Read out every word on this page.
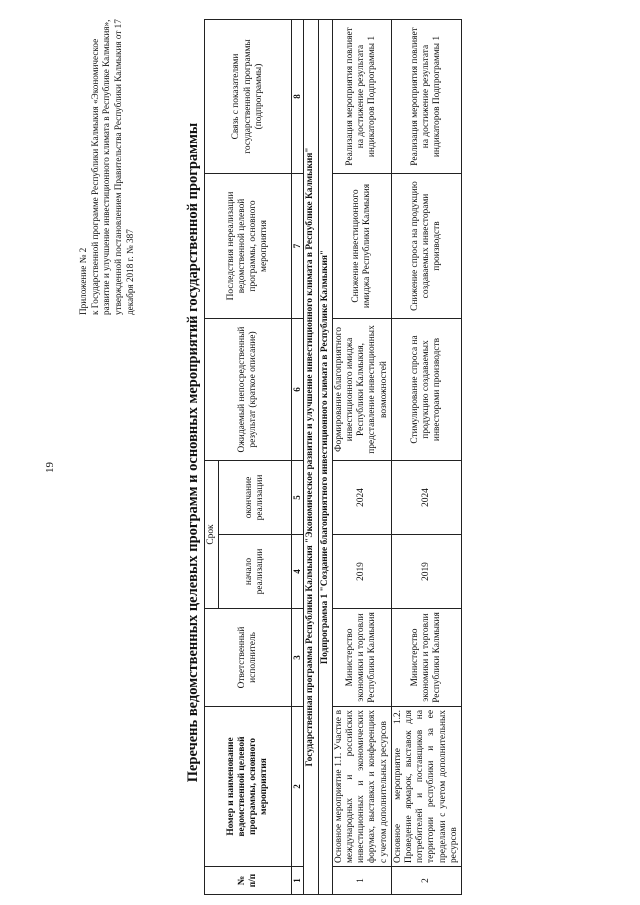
19
Приложение № 2
к Государственной программе Республики Калмыкия «Экономическое развитие и улучшение инвестиционного климата в Республике Калмыкия», утвержденной постановлением Правительства Республики Калмыкия от 17 декабря 2018 г. № 387	Перечень ведомственных целевых программ и основных мероприятий государственной программы
№
п/п	Номер и наименование ведомственной целевой программы, основного мероприятия	Ответственный исполнитель	Срок		Ожидаемый непосредственный результат (краткое описание)	Последствия нереализации ведомственной целевой программы, основного мероприятия	Связь с показателями государственной программы (подпрограммы)
			начало реализации	окончание реализации			
1	2	3	4	5	6	7	8
Государственная программа Республики Калмыкия "Экономическое развитие и улучшение инвестиционного климата в Республике Калмыкия"							
Подпрограмма 1 "Создание благоприятного инвестиционного климата в Республике Калмыкия"							
1	Основное мероприятие 1.1. Участие в международных и российских инвестиционных и экономических форумах, выставках и конференциях с учетом дополнительных ресурсов	Министерство экономики и торговли Республики Калмыкия	2019	2024	Формирование благоприятного инвестиционного имиджа Республики Калмыкия, представление инвестиционных возможностей	Снижение инвестиционного имиджа Республики Калмыкия	Реализация мероприятия повлияет на достижение результата индикаторов Подпрограммы 1
2	Основное мероприятие 1.2. Проведение ярмарок, выставок для потребителей и поставщиков на территории республики и за ее пределами с учетом дополнительных ресурсов	Министерство экономики и торговли Республики Калмыкия	2019	2024	Стимулирование спроса на продукцию создаваемых инвесторами производств	Снижение спроса на продукцию создаваемых инвесторами производств	Реализация мероприятия повлияет на достижение результата индикаторов Подпрограммы 1
